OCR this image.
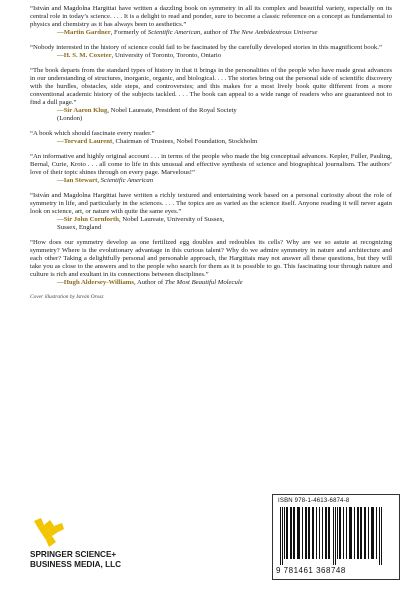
“István and Magdolna Hargittai have written a dazzling book on symmetry in all its complex and beautiful variety, especially on its central role in today’s science. . . . It is a delight to read and ponder, sure to become a classic reference on a concept as fundamental to physics and chemistry as it has always been to aesthetics.”
—Martin Gardner, Formerly of Scientific American, author of The New Ambidextrous Universe
“Nobody interested in the history of science could fail to be fascinated by the carefully developed stories in this magnificent book.”
—H. S. M. Coxeter, University of Toronto, Toronto, Ontario
“The book departs from the standard types of history in that it brings in the personalities of the people who have made great advances in our understanding of structures, inorganic, organic, and biological. . . . The stories bring out the personal side of scientific discovery with the hurdles, obstacles, side steps, and controversies; and this makes for a most lively book quite different from a more conventional academic history of the subjects tackled. . . . The book can appeal to a wide range of readers who are guaranteed not to find a dull page.”
—Sir Aaron Klug, Nobel Laureate, President of the Royal Society
(London)
“A book which should fascinate every reader.”
—Torvard Laurent, Chairman of Trustees, Nobel Foundation, Stockholm
“An informative and highly original account . . . in terms of the people who made the big conceptual advances. Kepler, Fuller, Pauling, Bernal, Curie, Kroto . . . all come to life in this unusual and effective synthesis of science and biographical journalism. The authors’ love of their topic shines through on every page. Marvelous!”
—Ian Stewart, Scientific American
“István and Magdolna Hargittai have written a richly textured and entertaining work based on a personal curiosity about the role of symmetry in life, and particularly in the sciences. . . . The topics are as varied as the science itself. Anyone reading it will never again look on science, art, or nature with quite the same eyes.”
—Sir John Cornforth, Nobel Laureate, University of Sussex,
Sussex, England
“How does our symmetry develop as one fertilized egg doubles and redoubles its cells? Why are we so astute at recognizing symmetry? Where is the evolutionary advantage in this curious talent? Why do we admire symmetry in nature and architecture and each other? Taking a delightfully personal and personable approach, the Hargittais may not answer all these questions, but they will take you as close to the answers and to the people who search for them as it is possible to go. This fascinating tour through nature and culture is rich and exultant in its connections between disciplines.”
—Hugh Aldersey-Williams, Author of The Most Beautiful Molecule
Cover illustration by István Orosz
SPRINGER SCIENCE+
BUSINESS MEDIA, LLC
ISBN 978-1-4613-6874-8
9 781461 368748
